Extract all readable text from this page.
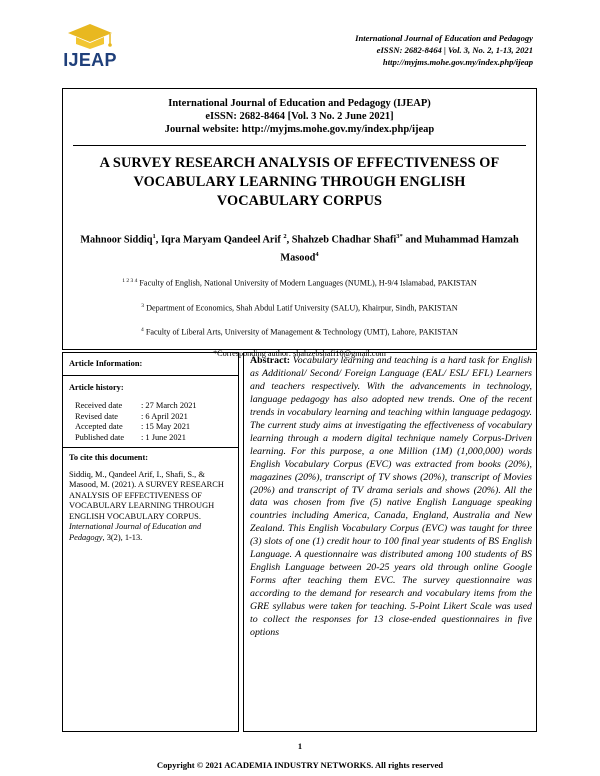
IJEAP
International Journal of Education and Pedagogy
eISSN: 2682-8464 | Vol. 3, No. 2, 1-13, 2021
http://myjms.mohe.gov.my/index.php/ijeap
International Journal of Education and Pedagogy (IJEAP)
eISSN: 2682-8464 [Vol. 3 No. 2 June 2021]
Journal website: http://myjms.mohe.gov.my/index.php/ijeap
A SURVEY RESEARCH ANALYSIS OF EFFECTIVENESS OF VOCABULARY LEARNING THROUGH ENGLISH VOCABULARY CORPUS
Mahnoor Siddiq$^1$, Iqra Maryam Qandeel Arif $^2$, Shahzeb Chadhar Shafi$^{3*}$ and Muhammad Hamzah Masood$^4$
$^{1 2 3 4}$ Faculty of English, National University of Modern Languages (NUML), H-9/4 Islamabad, PAKISTAN
$^3$ Department of Economics, Shah Abdul Latif University (SALU), Khairpur, Sindh, PAKISTAN
$^4$ Faculty of Liberal Arts, University of Management & Technology (UMT), Lahore, PAKISTAN
*Corresponding author: shahzebshafi10@gmail.com
Article Information:
Article history:
Received date	: 27 March 2021
Revised date	: 6 April 2021
Accepted date	: 15 May 2021
Published date	: 1 June 2021
To cite this document:
Siddiq, M., Qandeel Arif, I., Shafi, S., & Masood, M. (2021). A SURVEY RESEARCH ANALYSIS OF EFFECTIVENESS OF VOCABULARY LEARNING THROUGH ENGLISH VOCABULARY CORPUS. International Journal of Education and Pedagogy, 3(2), 1-13.
Abstract: Vocabulary learning and teaching is a hard task for English as Additional/ Second/ Foreign Language (EAL/ ESL/ EFL) Learners and teachers respectively. With the advancements in technology, language pedagogy has also adopted new trends. One of the recent trends in vocabulary learning and teaching within language pedagogy. The current study aims at investigating the effectiveness of vocabulary learning through a modern digital technique namely Corpus-Driven learning. For this purpose, a one Million (1M) (1,000,000) words English Vocabulary Corpus (EVC) was extracted from books (20%), magazines (20%), transcript of TV shows (20%), transcript of Movies (20%) and transcript of TV drama serials and shows (20%). All the data was chosen from five (5) native English Language speaking countries including America, Canada, England, Australia and New Zealand. This English Vocabulary Corpus (EVC) was taught for three (3) slots of one (1) credit hour to 100 final year students of BS English Language. A questionnaire was distributed among 100 students of BS English Language between 20-25 years old through online Google Forms after teaching them EVC. The survey questionnaire was according to the demand for research and vocabulary items from the GRE syllabus were taken for teaching. 5-Point Likert Scale was used to collect the responses for 13 close-ended questionnaires in five options
1
Copyright © 2021 ACADEMIA INDUSTRY NETWORKS. All rights reserved
